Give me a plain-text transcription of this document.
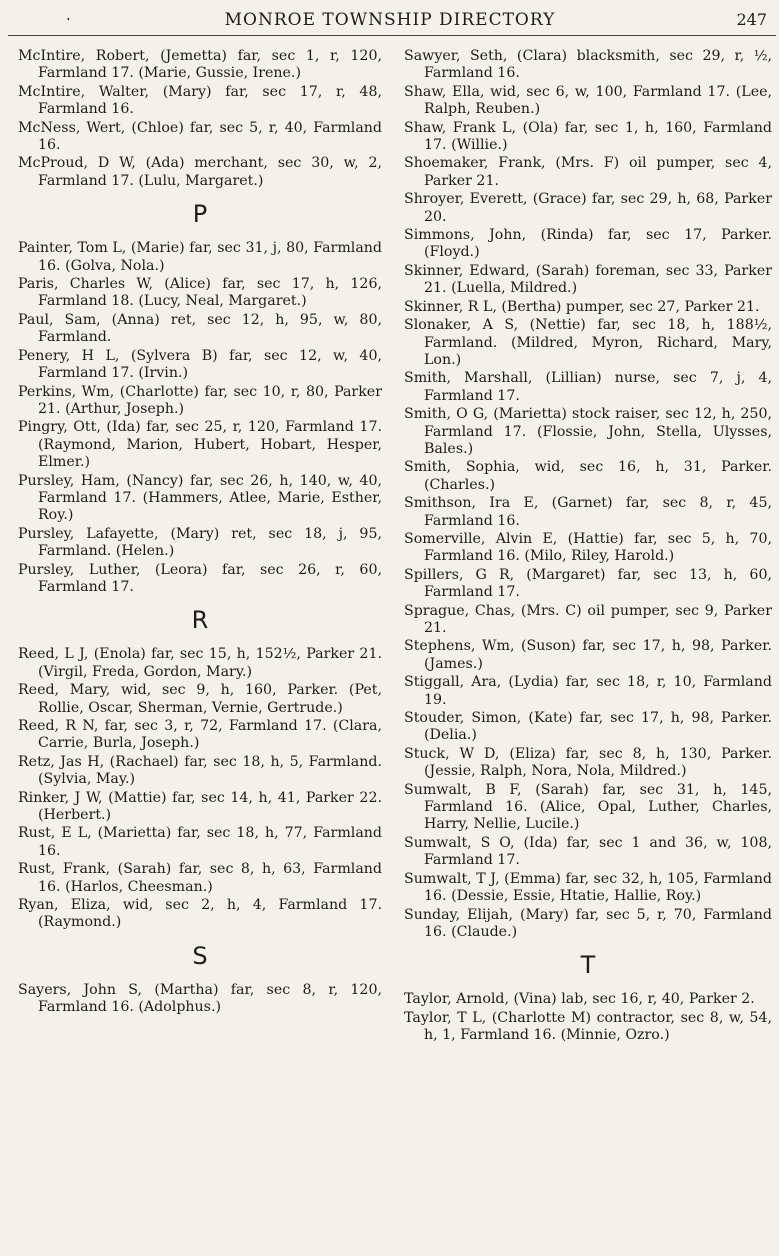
·	MONROE TOWNSHIP DIRECTORY	247
McIntire, Robert, (Jemetta) far, sec 1, r, 120, Farmland 17. (Marie, Gussie, Irene.)
McIntire, Walter, (Mary) far, sec 17, r, 48, Farmland 16.
McNess, Wert, (Chloe) far, sec 5, r, 40, Farmland 16.
McProud, D W, (Ada) merchant, sec 30, w, 2, Farmland 17. (Lulu, Margaret.)
P
Painter, Tom L, (Marie) far, sec 31, j, 80, Farmland 16. (Golva, Nola.)
Paris, Charles W, (Alice) far, sec 17, h, 126, Farmland 18. (Lucy, Neal, Margaret.)
Paul, Sam, (Anna) ret, sec 12, h, 95, w, 80, Farmland.
Penery, H L, (Sylvera B) far, sec 12, w, 40, Farmland 17. (Irvin.)
Perkins, Wm, (Charlotte) far, sec 10, r, 80, Parker 21. (Arthur, Joseph.)
Pingry, Ott, (Ida) far, sec 25, r, 120, Farmland 17. (Raymond, Marion, Hubert, Hobart, Hesper, Elmer.)
Pursley, Ham, (Nancy) far, sec 26, h, 140, w, 40, Farmland 17. (Hammers, Atlee, Marie, Esther, Roy.)
Pursley, Lafayette, (Mary) ret, sec 18, j, 95, Farmland. (Helen.)
Pursley, Luther, (Leora) far, sec 26, r, 60, Farmland 17.
R
Reed, L J, (Enola) far, sec 15, h, 152½, Parker 21. (Virgil, Freda, Gordon, Mary.)
Reed, Mary, wid, sec 9, h, 160, Parker. (Pet, Rollie, Oscar, Sherman, Vernie, Gertrude.)
Reed, R N, far, sec 3, r, 72, Farmland 17. (Clara, Carrie, Burla, Joseph.)
Retz, Jas H, (Rachael) far, sec 18, h, 5, Farmland. (Sylvia, May.)
Rinker, J W, (Mattie) far, sec 14, h, 41, Parker 22. (Herbert.)
Rust, E L, (Marietta) far, sec 18, h, 77, Farmland 16.
Rust, Frank, (Sarah) far, sec 8, h, 63, Farmland 16. (Harlos, Cheesman.)
Ryan, Eliza, wid, sec 2, h, 4, Farmland 17. (Raymond.)
S
Sayers, John S, (Martha) far, sec 8, r, 120, Farmland 16. (Adolphus.)
Sawyer, Seth, (Clara) blacksmith, sec 29, r, ½, Farmland 16.
Shaw, Ella, wid, sec 6, w, 100, Farmland 17. (Lee, Ralph, Reuben.)
Shaw, Frank L, (Ola) far, sec 1, h, 160, Farmland 17. (Willie.)
Shoemaker, Frank, (Mrs. F) oil pumper, sec 4, Parker 21.
Shroyer, Everett, (Grace) far, sec 29, h, 68, Parker 20.
Simmons, John, (Rinda) far, sec 17, Parker. (Floyd.)
Skinner, Edward, (Sarah) foreman, sec 33, Parker 21. (Luella, Mildred.)
Skinner, R L, (Bertha) pumper, sec 27, Parker 21.
Slonaker, A S, (Nettie) far, sec 18, h, 188½, Farmland. (Mildred, Myron, Richard, Mary, Lon.)
Smith, Marshall, (Lillian) nurse, sec 7, j, 4, Farmland 17.
Smith, O G, (Marietta) stock raiser, sec 12, h, 250, Farmland 17. (Flossie, John, Stella, Ulysses, Bales.)
Smith, Sophia, wid, sec 16, h, 31, Parker. (Charles.)
Smithson, Ira E, (Garnet) far, sec 8, r, 45, Farmland 16.
Somerville, Alvin E, (Hattie) far, sec 5, h, 70, Farmland 16. (Milo, Riley, Harold.)
Spillers, G R, (Margaret) far, sec 13, h, 60, Farmland 17.
Sprague, Chas, (Mrs. C) oil pumper, sec 9, Parker 21.
Stephens, Wm, (Suson) far, sec 17, h, 98, Parker. (James.)
Stiggall, Ara, (Lydia) far, sec 18, r, 10, Farmland 19.
Stouder, Simon, (Kate) far, sec 17, h, 98, Parker. (Delia.)
Stuck, W D, (Eliza) far, sec 8, h, 130, Parker. (Jessie, Ralph, Nora, Nola, Mildred.)
Sumwalt, B F, (Sarah) far, sec 31, h, 145, Farmland 16. (Alice, Opal, Luther, Charles, Harry, Nellie, Lucile.)
Sumwalt, S O, (Ida) far, sec 1 and 36, w, 108, Farmland 17.
Sumwalt, T J, (Emma) far, sec 32, h, 105, Farmland 16. (Dessie, Essie, Htatie, Hallie, Roy.)
Sunday, Elijah, (Mary) far, sec 5, r, 70, Farmland 16. (Claude.)
T
Taylor, Arnold, (Vina) lab, sec 16, r, 40, Parker 2.
Taylor, T L, (Charlotte M) contractor, sec 8, w, 54, h, 1, Farmland 16. (Minnie, Ozro.)
